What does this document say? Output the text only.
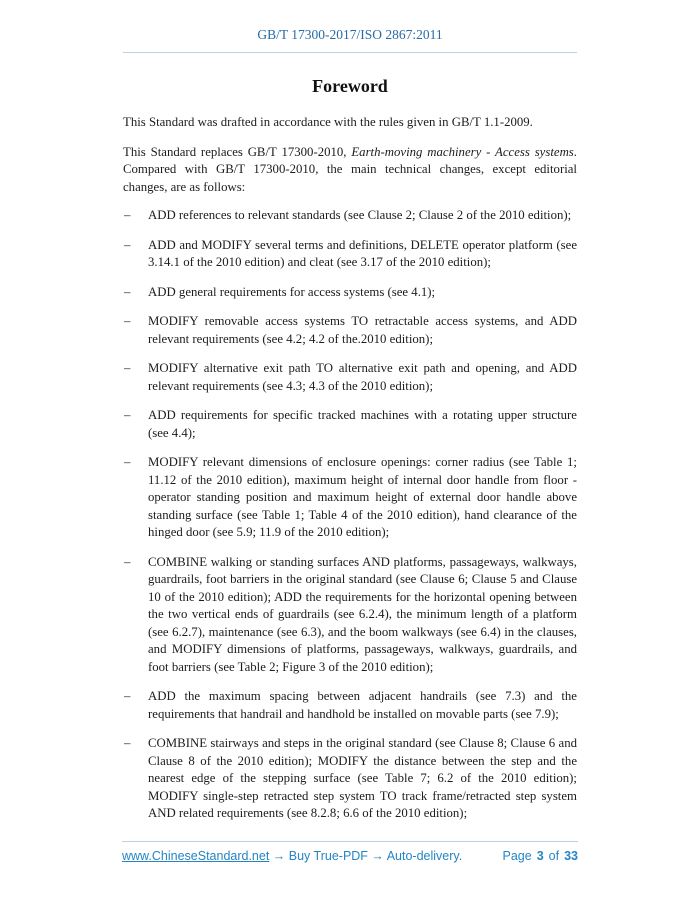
GB/T 17300-2017/ISO 2867:2011
Foreword

This Standard was drafted in accordance with the rules given in GB/T 1.1-2009.

This Standard replaces GB/T 17300-2010, Earth-moving machinery - Access systems. Compared with GB/T 17300-2010, the main technical changes, except editorial changes, are as follows:

– ADD references to relevant standards (see Clause 2; Clause 2 of the 2010 edition);
– ADD and MODIFY several terms and definitions, DELETE operator platform (see 3.14.1 of the 2010 edition) and cleat (see 3.17 of the 2010 edition);
– ADD general requirements for access systems (see 4.1);
– MODIFY removable access systems TO retractable access systems, and ADD relevant requirements (see 4.2; 4.2 of the.2010 edition);
– MODIFY alternative exit path TO alternative exit path and opening, and ADD relevant requirements (see 4.3; 4.3 of the 2010 edition);
– ADD requirements for specific tracked machines with a rotating upper structure (see 4.4);
– MODIFY relevant dimensions of enclosure openings: corner radius (see Table 1; 11.12 of the 2010 edition), maximum height of internal door handle from floor - operator standing position and maximum height of external door handle above standing surface (see Table 1; Table 4 of the 2010 edition), hand clearance of the hinged door (see 5.9; 11.9 of the 2010 edition);
– COMBINE walking or standing surfaces AND platforms, passageways, walkways, guardrails, foot barriers in the original standard (see Clause 6; Clause 5 and Clause 10 of the 2010 edition); ADD the requirements for the horizontal opening between the two vertical ends of guardrails (see 6.2.4), the minimum length of a platform (see 6.2.7), maintenance (see 6.3), and the boom walkways (see 6.4) in the clauses, and MODIFY dimensions of platforms, passageways, walkways, guardrails, and foot barriers (see Table 2; Figure 3 of the 2010 edition);
– ADD the maximum spacing between adjacent handrails (see 7.3) and the requirements that handrail and handhold be installed on movable parts (see 7.9);
– COMBINE stairways and steps in the original standard (see Clause 8; Clause 6 and Clause 8 of the 2010 edition); MODIFY the distance between the step and the nearest edge of the stepping surface (see Table 7; 6.2 of the 2010 edition); MODIFY single-step retracted step system TO track frame/retracted step system AND related requirements (see 8.2.8; 6.6 of the 2010 edition);
www.ChineseStandard.net → Buy True-PDF → Auto-delivery.	Page 3 of 33
